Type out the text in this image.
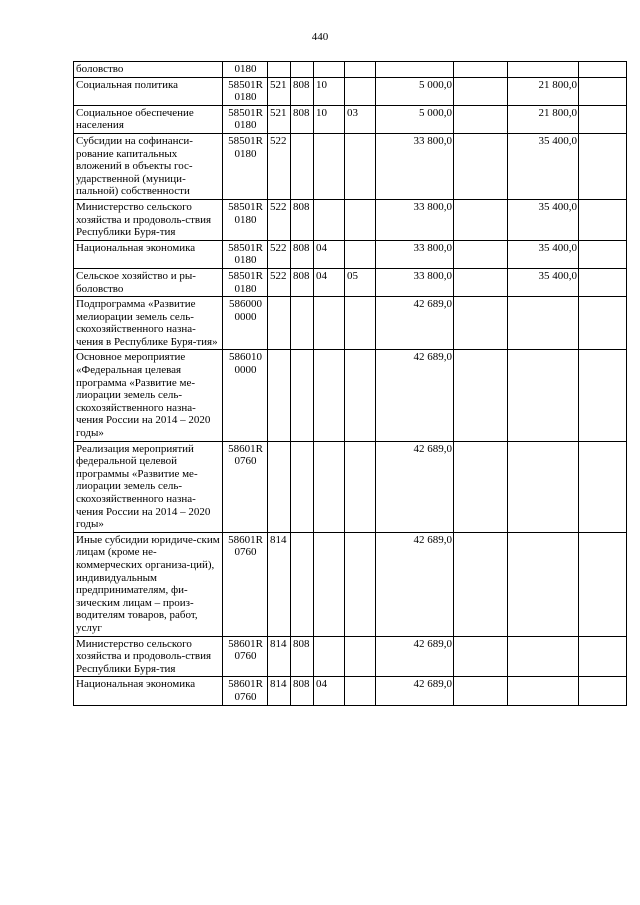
440
боловство	0180								
Социальная политика	58501R 0180	521	808	10		5 000,0		21 800,0	
Социальное обеспечение населения	58501R 0180	521	808	10	03	5 000,0		21 800,0	
Субсидии на софинанси-рование капитальных вложений в объекты гос-ударственной (муници-пальной) собственности	58501R 0180	522				33 800,0		35 400,0	
Министерство сельского хозяйства и продоволь-ствия Республики Буря-тия	58501R 0180	522	808			33 800,0		35 400,0	
Национальная экономика	58501R 0180	522	808	04		33 800,0		35 400,0	
Сельское хозяйство и ры-боловство	58501R 0180	522	808	04	05	33 800,0		35 400,0	
Подпрограмма «Развитие мелиорации земель сель-скохозяйственного назна-чения в Республике Буря-тия»	586000 0000					42 689,0			
Основное мероприятие «Федеральная целевая программа «Развитие ме-лиорации земель сель-скохозяйственного назна-чения России на 2014 – 2020 годы»	586010 0000					42 689,0			
Реализация мероприятий федеральной целевой программы «Развитие ме-лиорации земель сель-скохозяйственного назна-чения России на 2014 – 2020 годы»	58601R 0760					42 689,0			
Иные субсидии юридиче-ским лицам (кроме не-коммерческих организа-ций), индивидуальным предпринимателям, фи-зическим лицам – произ-водителям товаров, работ, услуг	58601R 0760	814				42 689,0			
Министерство сельского хозяйства и продоволь-ствия Республики Буря-тия	58601R 0760	814	808			42 689,0			
Национальная экономика	58601R 0760	814	808	04		42 689,0			
